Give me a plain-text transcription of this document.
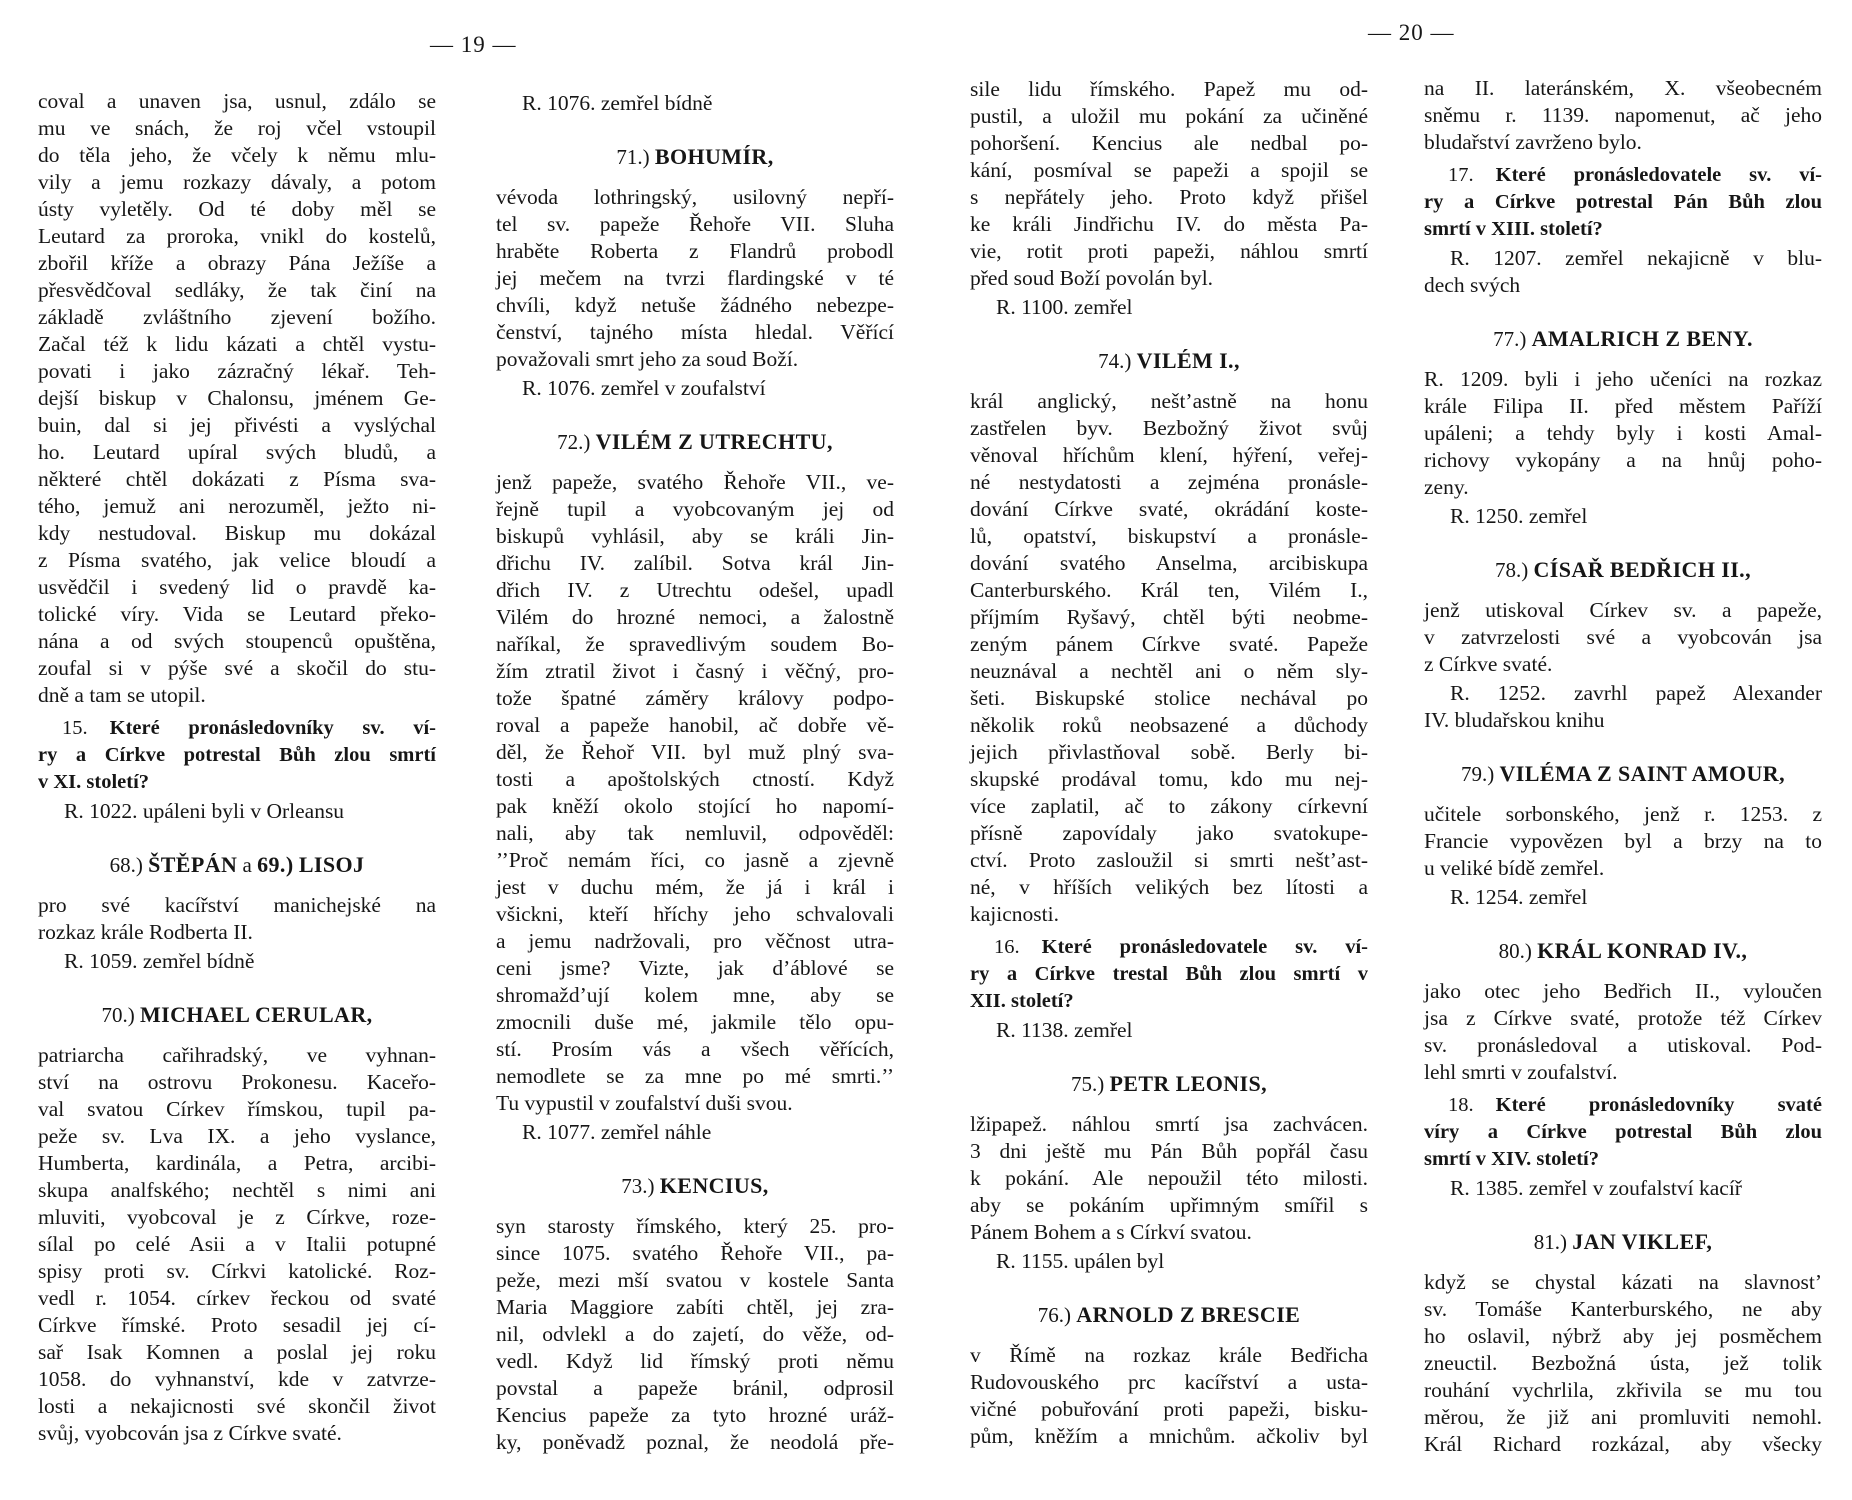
— 19 —	— 20 —
coval a unaven jsa, usnul, zdálo se
mu ve snách, že roj včel vstoupil
do těla jeho, že včely k němu mlu-
vily a jemu rozkazy dávaly, a potom
ústy vyletěly. Od té doby měl se
Leutard za proroka, vnikl do kostelů,
zbořil kříže a obrazy Pána Ježíše a
přesvědčoval sedláky, že tak činí na
základě zvláštního zjevení božího.
Začal též k lidu kázati a chtěl vystu-
povati i jako zázračný lékař. Teh-
dejší biskup v Chalonsu, jménem Ge-
buin, dal si jej přivésti a vyslýchal
ho. Leutard upíral svých bludů, a
některé chtěl dokázati z Písma sva-
tého, jemuž ani nerozuměl, ježto ni-
kdy nestudoval. Biskup mu dokázal
z Písma svatého, jak velice bloudí a
usvědčil i svedený lid o pravdě ka-
tolické víry. Vida se Leutard překo-
nána a od svých stoupenců opuštěna,
zoufal si v pýše své a skočil do stu-
dně a tam se utopil.
15. Které pronásledovníky sv. ví-
ry a Církve potrestal Bůh zlou smrtí
v XI. století?
R. 1022. upáleni byli v Orleansu
68.) ŠTĚPÁN a 69.) LISOJ
pro své kacířství manichejské na
rozkaz krále Rodberta II.
R. 1059. zemřel bídně
70.) MICHAEL CERULAR,
patriarcha cařihradský, ve vyhnan-
ství na ostrovu Prokonesu. Kaceřo-
val svatou Církev římskou, tupil pa-
peže sv. Lva IX. a jeho vyslance,
Humberta, kardinála, a Petra, arcibi-
skupa analfského; nechtěl s nimi ani
mluviti, vyobcoval je z Církve, roze-
sílal po celé Asii a v Italii potupné
spisy proti sv. Církvi katolické. Roz-
vedl r. 1054. církev řeckou od svaté
Církve římské. Proto sesadil jej cí-
sař Isak Komnen a poslal jej roku
1058. do vyhnanství, kde v zatvrze-
losti a nekajicnosti své skončil život
svůj, vyobcován jsa z Církve svaté.
R. 1076. zemřel bídně
71.) BOHUMÍR,
vévoda lothringský, usilovný nepří-
tel sv. papeže Řehoře VII. Sluha
hraběte Roberta z Flandrů probodl
jej mečem na tvrzi flardingské v té
chvíli, když netuše žádného nebezpe-
čenství, tajného místa hledal. Věřící
považovali smrt jeho za soud Boží.
R. 1076. zemřel v zoufalství
72.) VILÉM Z UTRECHTU,
jenž papeže, svatého Řehoře VII., ve-
řejně tupil a vyobcovaným jej od
biskupů vyhlásil, aby se králi Jin-
dřichu IV. zalíbil. Sotva král Jin-
dřich IV. z Utrechtu odešel, upadl
Vilém do hrozné nemoci, a žalostně
naříkal, že spravedlivým soudem Bo-
žím ztratil život i časný i věčný, pro-
tože špatné záměry královy podpo-
roval a papeže hanobil, ač dobře vě-
děl, že Řehoř VII. byl muž plný sva-
tosti a apoštolských ctností. Když
pak kněží okolo stojící ho napomí-
nali, aby tak nemluvil, odpověděl:
’’Proč nemám říci, co jasně a zjevně
jest v duchu mém, že já i král i
všickni, kteří hříchy jeho schvalovali
a jemu nadržovali, pro věčnost utra-
ceni jsme? Vizte, jak d’áblové se
shromažd’ují kolem mne, aby se
zmocnili duše mé, jakmile tělo opu-
stí. Prosím vás a všech věřících,
nemodlete se za mne po mé smrti.’’
Tu vypustil v zoufalství duši svou.
R. 1077. zemřel náhle
73.) KENCIUS,
syn starosty římského, který 25. pro-
since 1075. svatého Řehoře VII., pa-
peže, mezi mší svatou v kostele Santa
Maria Maggiore zabíti chtěl, jej zra-
nil, odvlekl a do zajetí, do věže, od-
vedl. Když lid římský proti němu
povstal a papeže bránil, odprosil
Kencius papeže za tyto hrozné uráž-
ky, poněvadž poznal, že neodolá pře-
sile lidu římského. Papež mu od-
pustil, a uložil mu pokání za učiněné
pohoršení. Kencius ale nedbal po-
kání, posmíval se papeži a spojil se
s nepřátely jeho. Proto když přišel
ke králi Jindřichu IV. do města Pa-
vie, rotit proti papeži, náhlou smrtí
před soud Boží povolán byl.
R. 1100. zemřel
74.) VILÉM I.,
král anglický, nešt’astně na honu
zastřelen byv. Bezbožný život svůj
věnoval hříchům klení, hýření, veřej-
né nestydatosti a zejména pronásle-
dování Církve svaté, okrádání koste-
lů, opatství, biskupství a pronásle-
dování svatého Anselma, arcibiskupa
Canterburského. Král ten, Vilém I.,
příjmím Ryšavý, chtěl býti neobme-
zeným pánem Církve svaté. Papeže
neuznával a nechtěl ani o něm sly-
šeti. Biskupské stolice nechával po
několik roků neobsazené a důchody
jejich přivlastňoval sobě. Berly bi-
skupské prodával tomu, kdo mu nej-
více zaplatil, ač to zákony církevní
přísně zapovídaly jako svatokupe-
ctví. Proto zasloužil si smrti nešt’ast-
né, v hříších velikých bez lítosti a
kajicnosti.
16. Které pronásledovatele sv. ví-
ry a Církve trestal Bůh zlou smrtí v
XII. století?
R. 1138. zemřel
75.) PETR LEONIS,
lžipapež. náhlou smrtí jsa zachvácen.
3 dni ještě mu Pán Bůh popřál času
k pokání. Ale nepoužil této milosti.
aby se pokáním upřimným smířil s
Pánem Bohem a s Církví svatou.
R. 1155. upálen byl
76.) ARNOLD Z BRESCIE
v Římě na rozkaz krále Bedřicha
Rudovouského prc kacířství a usta-
vičné pobuřování proti papeži, bisku-
pům, kněžím a mnichům. ačkoliv byl
na II. lateránském, X. všeobecném
sněmu r. 1139. napomenut, ač jeho
bludařství zavrženo bylo.
17. Které pronásledovatele sv. ví-
ry a Církve potrestal Pán Bůh zlou
smrtí v XIII. století?
R. 1207. zemřel nekajicně v blu-
dech svých
77.) AMALRICH Z BENY.
R. 1209. byli i jeho učeníci na rozkaz
krále Filipa II. před městem Paříží
upáleni; a tehdy byly i kosti Amal-
richovy vykopány a na hnůj poho-
zeny.
R. 1250. zemřel
78.) CÍSAŘ BEDŘICH II.,
jenž utiskoval Církev sv. a papeže,
v zatvrzelosti své a vyobcován jsa
z Církve svaté.
R. 1252. zavrhl papež Alexander
IV. bludařskou knihu
79.) VILÉMA Z SAINT AMOUR,
učitele sorbonského, jenž r. 1253. z
Francie vypovězen byl a brzy na to
u veliké bídě zemřel.
R. 1254. zemřel
80.) KRÁL KONRAD IV.,
jako otec jeho Bedřich II., vyloučen
jsa z Církve svaté, protože též Církev
sv. pronásledoval a utiskoval. Pod-
lehl smrti v zoufalství.
18. Které pronásledovníky svaté
víry a Církve potrestal Bůh zlou
smrtí v XIV. století?
R. 1385. zemřel v zoufalství kacíř
81.) JAN VIKLEF,
když se chystal kázati na slavnost’
sv. Tomáše Kanterburského, ne aby
ho oslavil, nýbrž aby jej posměchem
zneuctil. Bezbožná ústa, jež tolik
rouhání vychrlila, zkřivila se mu tou
měrou, že již ani promluviti nemohl.
Král Richard rozkázal, aby všecky
